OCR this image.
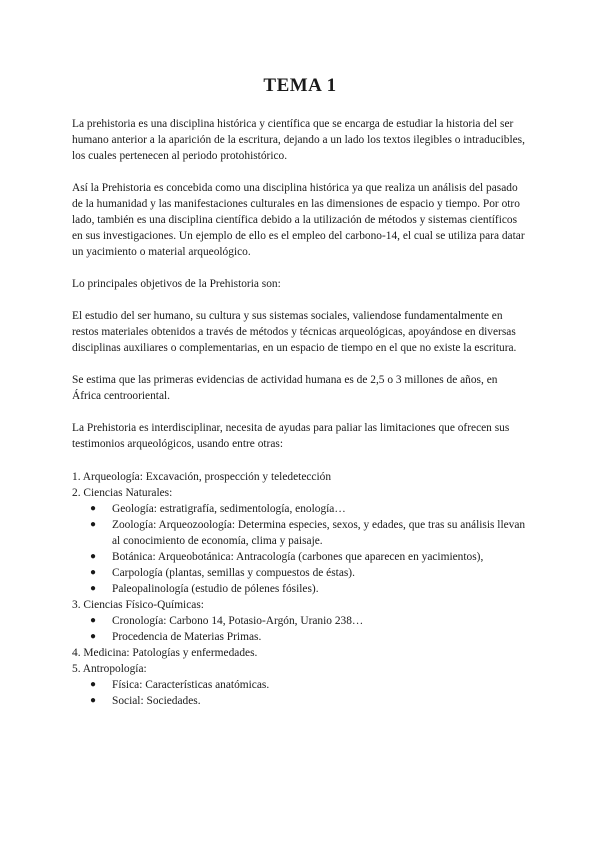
TEMA 1

La prehistoria es una disciplina histórica y científica que se encarga de estudiar la historia del ser humano anterior a la aparición de la escritura, dejando a un lado los textos ilegibles o intraducibles, los cuales pertenecen al periodo protohistórico.

Así la Prehistoria es concebida como una disciplina histórica ya que realiza un análisis del pasado de la humanidad y las manifestaciones culturales en las dimensiones de espacio y tiempo. Por otro lado, también es una disciplina científica debido a la utilización de métodos y sistemas científicos en sus investigaciones. Un ejemplo de ello es el empleo del carbono-14, el cual se utiliza para datar un yacimiento o material arqueológico.

Lo principales objetivos de la Prehistoria son:

El estudio del ser humano, su cultura y sus sistemas sociales, valiendose fundamentalmente en restos materiales obtenidos a través de métodos y técnicas arqueológicas, apoyándose en diversas disciplinas auxiliares o complementarias, en un espacio de tiempo en el que no existe la escritura.

Se estima que las primeras evidencias de actividad humana es de 2,5 o 3 millones de años, en África centrooriental.

La Prehistoria es interdisciplinar, necesita de ayudas para paliar las limitaciones que ofrecen sus testimonios arqueológicos, usando entre otras:

1. Arqueología: Excavación, prospección y teledetección
2. Ciencias Naturales:
● Geología: estratigrafía, sedimentología, enología…
● Zoología: Arqueozoología: Determina especies, sexos, y edades, que tras su análisis llevan al conocimiento de economía, clima y paisaje.
● Botánica: Arqueobotánica: Antracología (carbones que aparecen en yacimientos),
● Carpología (plantas, semillas y compuestos de éstas).
● Paleopalinología (estudio de pólenes fósiles).
3. Ciencias Físico-Químicas:
● Cronología: Carbono 14, Potasio-Argón, Uranio 238…
● Procedencia de Materias Primas.
4. Medicina: Patologías y enfermedades.
5. Antropología:
● Física: Características anatómicas.
● Social: Sociedades.
